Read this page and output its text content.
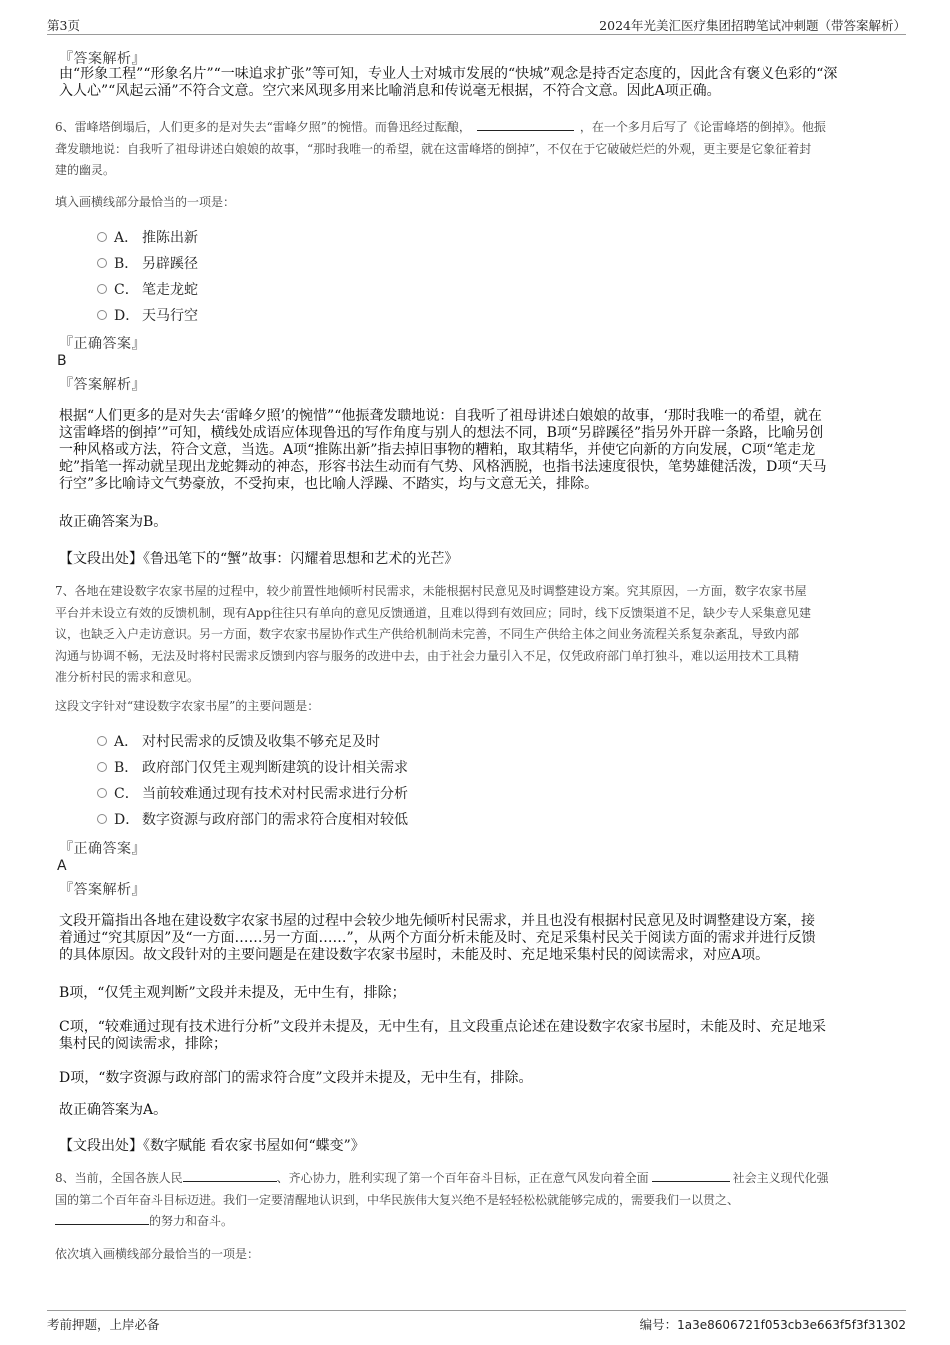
第3页	2024年光美汇医疗集团招聘笔试冲刺题（带答案解析）
『答案解析』
由“形象工程”“形象名片”“一味追求扩张”等可知，专业人士对城市发展的“快城”观念是持否定态度的，因此含有褒义色彩的“深
入人心”“风起云涌”不符合文意。空穴来风现多用来比喻消息和传说毫无根据，不符合文意。因此A项正确。
6、雷峰塔倒塌后，人们更多的是对失去“雷峰夕照”的惋惜。而鲁迅经过酝酿，	，在一个多月后写了《论雷峰塔的倒掉》。他振
聋发聩地说：自我听了祖母讲述白娘娘的故事，“那时我唯一的希望，就在这雷峰塔的倒掉”，不仅在于它破破烂烂的外观，更主要是它象征着封
建的幽灵。
填入画横线部分最恰当的一项是：
A． 推陈出新
B． 另辟蹊径
C． 笔走龙蛇
D． 天马行空
『正确答案』
B
『答案解析』
根据“人们更多的是对失去‘雷峰夕照’的惋惜”“他振聋发聩地说：自我听了祖母讲述白娘娘的故事，‘那时我唯一的希望，就在
这雷峰塔的倒掉’”可知，横线处成语应体现鲁迅的写作角度与别人的想法不同，B项“另辟蹊径”指另外开辟一条路，比喻另创
一种风格或方法，符合文意，当选。A项“推陈出新”指去掉旧事物的糟粕，取其精华，并使它向新的方向发展，C项“笔走龙
蛇”指笔一挥动就呈现出龙蛇舞动的神态，形容书法生动而有气势、风格洒脱，也指书法速度很快，笔势雄健活泼，D项“天马
行空”多比喻诗文气势豪放，不受拘束，也比喻人浮躁、不踏实，均与文意无关，排除。
故正确答案为B。
【文段出处】《鲁迅笔下的“蟹”故事：闪耀着思想和艺术的光芒》
7、各地在建设数字农家书屋的过程中，较少前置性地倾听村民需求，未能根据村民意见及时调整建设方案。究其原因，一方面，数字农家书屋
平台并未设立有效的反馈机制，现有App往往只有单向的意见反馈通道，且难以得到有效回应；同时，线下反馈渠道不足，缺少专人采集意见建
议，也缺乏入户走访意识。另一方面，数字农家书屋协作式生产供给机制尚未完善，不同生产供给主体之间业务流程关系复杂紊乱，导致内部
沟通与协调不畅，无法及时将村民需求反馈到内容与服务的改进中去，由于社会力量引入不足，仅凭政府部门单打独斗，难以运用技术工具精
准分析村民的需求和意见。
这段文字针对“建设数字农家书屋”的主要问题是：
A． 对村民需求的反馈及收集不够充足及时
B． 政府部门仅凭主观判断建筑的设计相关需求
C． 当前较难通过现有技术对村民需求进行分析
D． 数字资源与政府部门的需求符合度相对较低
『正确答案』
A
『答案解析』
文段开篇指出各地在建设数字农家书屋的过程中会较少地先倾听村民需求，并且也没有根据村民意见及时调整建设方案，接
着通过“究其原因”及“一方面……另一方面……”，从两个方面分析未能及时、充足采集村民关于阅读方面的需求并进行反馈
的具体原因。故文段针对的主要问题是在建设数字农家书屋时，未能及时、充足地采集村民的阅读需求，对应A项。
B项，“仅凭主观判断”文段并未提及，无中生有，排除；
C项，“较难通过现有技术进行分析”文段并未提及，无中生有，且文段重点论述在建设数字农家书屋时，未能及时、充足地采
集村民的阅读需求，排除；
D项，“数字资源与政府部门的需求符合度”文段并未提及，无中生有，排除。
故正确答案为A。
【文段出处】《数字赋能 看农家书屋如何“蝶变”》
8、当前，全国各族人民	、齐心协力，胜利实现了第一个百年奋斗目标，正在意气风发向着全面	社会主义现代化强
国的第二个百年奋斗目标迈进。我们一定要清醒地认识到，中华民族伟大复兴绝不是轻轻松松就能够完成的，需要我们一以贯之、
的努力和奋斗。
依次填入画横线部分最恰当的一项是：
考前押题，上岸必备	编号：1a3e8606721f053cb3e663f5f3f31302
